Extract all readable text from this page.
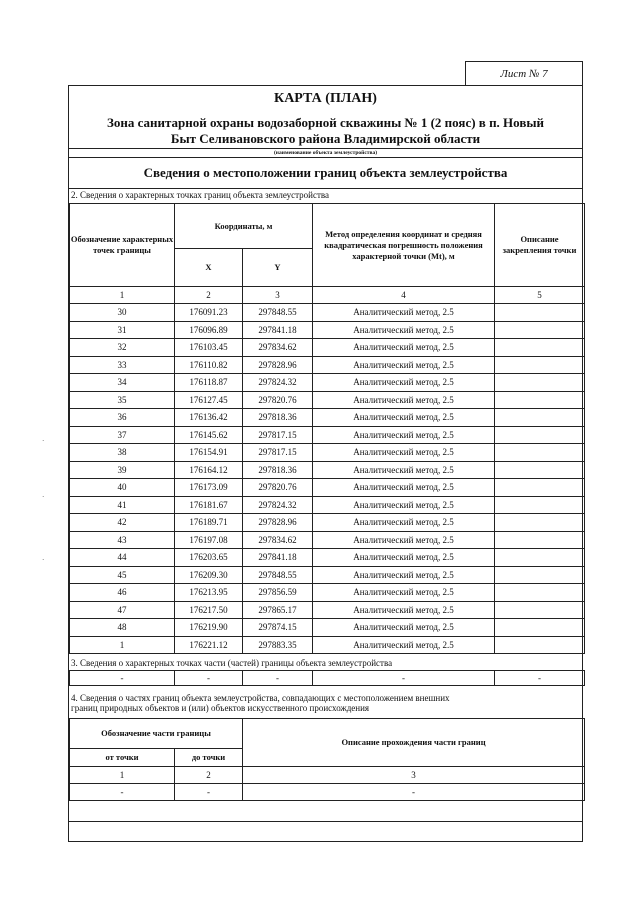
Лист № 7
КАРТА (ПЛАН)
Зона санитарной охраны водозаборной скважины № 1 (2 пояс) в п. Новый
Быт Селивановского района Владимирской области
(наименование объекта землеустройства)
Сведения о местоположении границ объекта землеустройства
2. Сведения о характерных точках границ объекта землеустройства
Обозначение характерных точек границы	Координаты, м		Метод определения координат и средняя квадратическая погрешность положения характерной точки (Mt), м	Описание закрепления точки
	X	Y		
1	2	3	4	5
30	176091.23	297848.55	Аналитический метод, 2.5	
31	176096.89	297841.18	Аналитический метод, 2.5	
32	176103.45	297834.62	Аналитический метод, 2.5	
33	176110.82	297828.96	Аналитический метод, 2.5	
34	176118.87	297824.32	Аналитический метод, 2.5	
35	176127.45	297820.76	Аналитический метод, 2.5	
36	176136.42	297818.36	Аналитический метод, 2.5	
37	176145.62	297817.15	Аналитический метод, 2.5	
38	176154.91	297817.15	Аналитический метод, 2.5	
39	176164.12	297818.36	Аналитический метод, 2.5	
40	176173.09	297820.76	Аналитический метод, 2.5	
41	176181.67	297824.32	Аналитический метод, 2.5	
42	176189.71	297828.96	Аналитический метод, 2.5	
43	176197.08	297834.62	Аналитический метод, 2.5	
44	176203.65	297841.18	Аналитический метод, 2.5	
45	176209.30	297848.55	Аналитический метод, 2.5	
46	176213.95	297856.59	Аналитический метод, 2.5	
47	176217.50	297865.17	Аналитический метод, 2.5	
48	176219.90	297874.15	Аналитический метод, 2.5	
1	176221.12	297883.35	Аналитический метод, 2.5	
3. Сведения о характерных точках части (частей) границы объекта землеустройства
-	-	-	-	-
4. Сведения о частях границ объекта землеустройства, совпадающих с местоположением внешних
границ природных объектов и (или) объектов искусственного происхождения
Обозначение части границы		Описание прохождения части границ
от точки	до точки	
1	2	3
-	-	-
·
·
·
